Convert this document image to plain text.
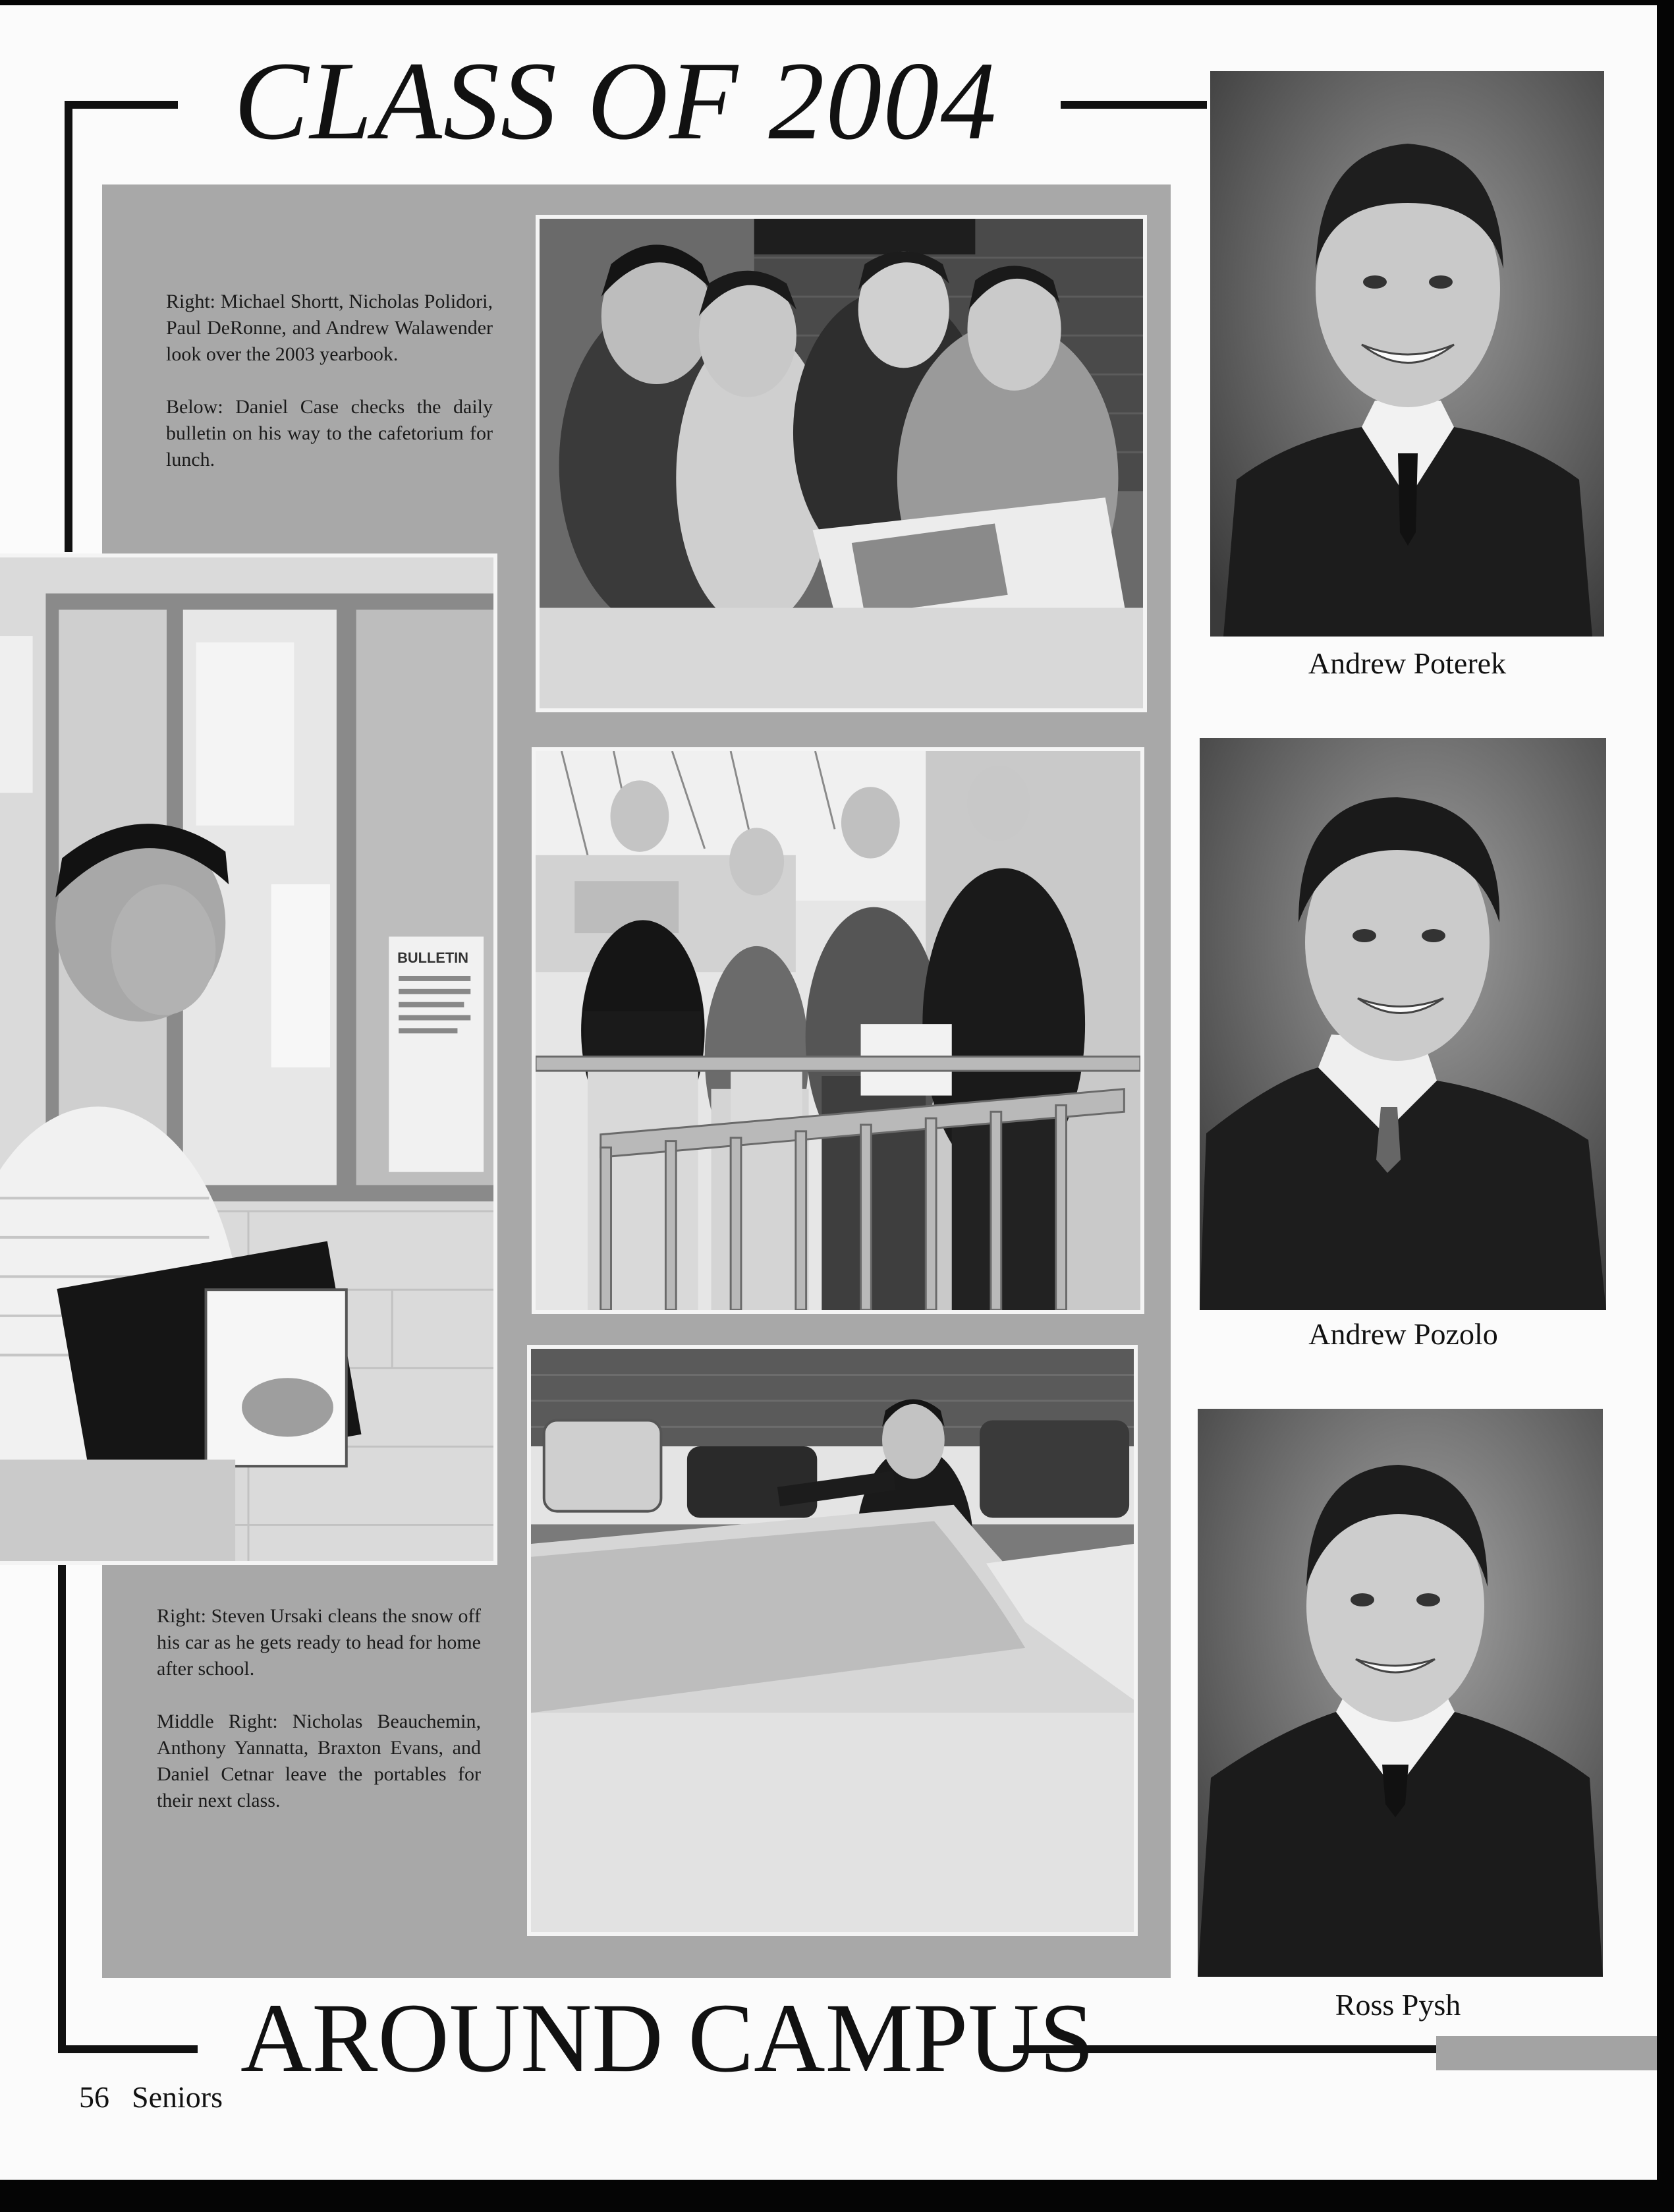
CLASS OF 2004
AROUND CAMPUS

Right: Michael Shortt, Nicholas Polidori, Paul DeRonne, and Andrew Walawender look over the 2003 yearbook.

Below: Daniel Case checks the daily bulletin on his way to the cafetorium for lunch.

Right: Steven Ursaki cleans the snow off his car as he gets ready to head for home after school.

Middle Right: Nicholas Beauchemin, Anthony Yannatta, Braxton Evans, and Daniel Cetnar leave the portables for their next class.

BULLETIN
Andrew Poterek
Andrew Pozolo
Ross Pysh
56 Seniors
